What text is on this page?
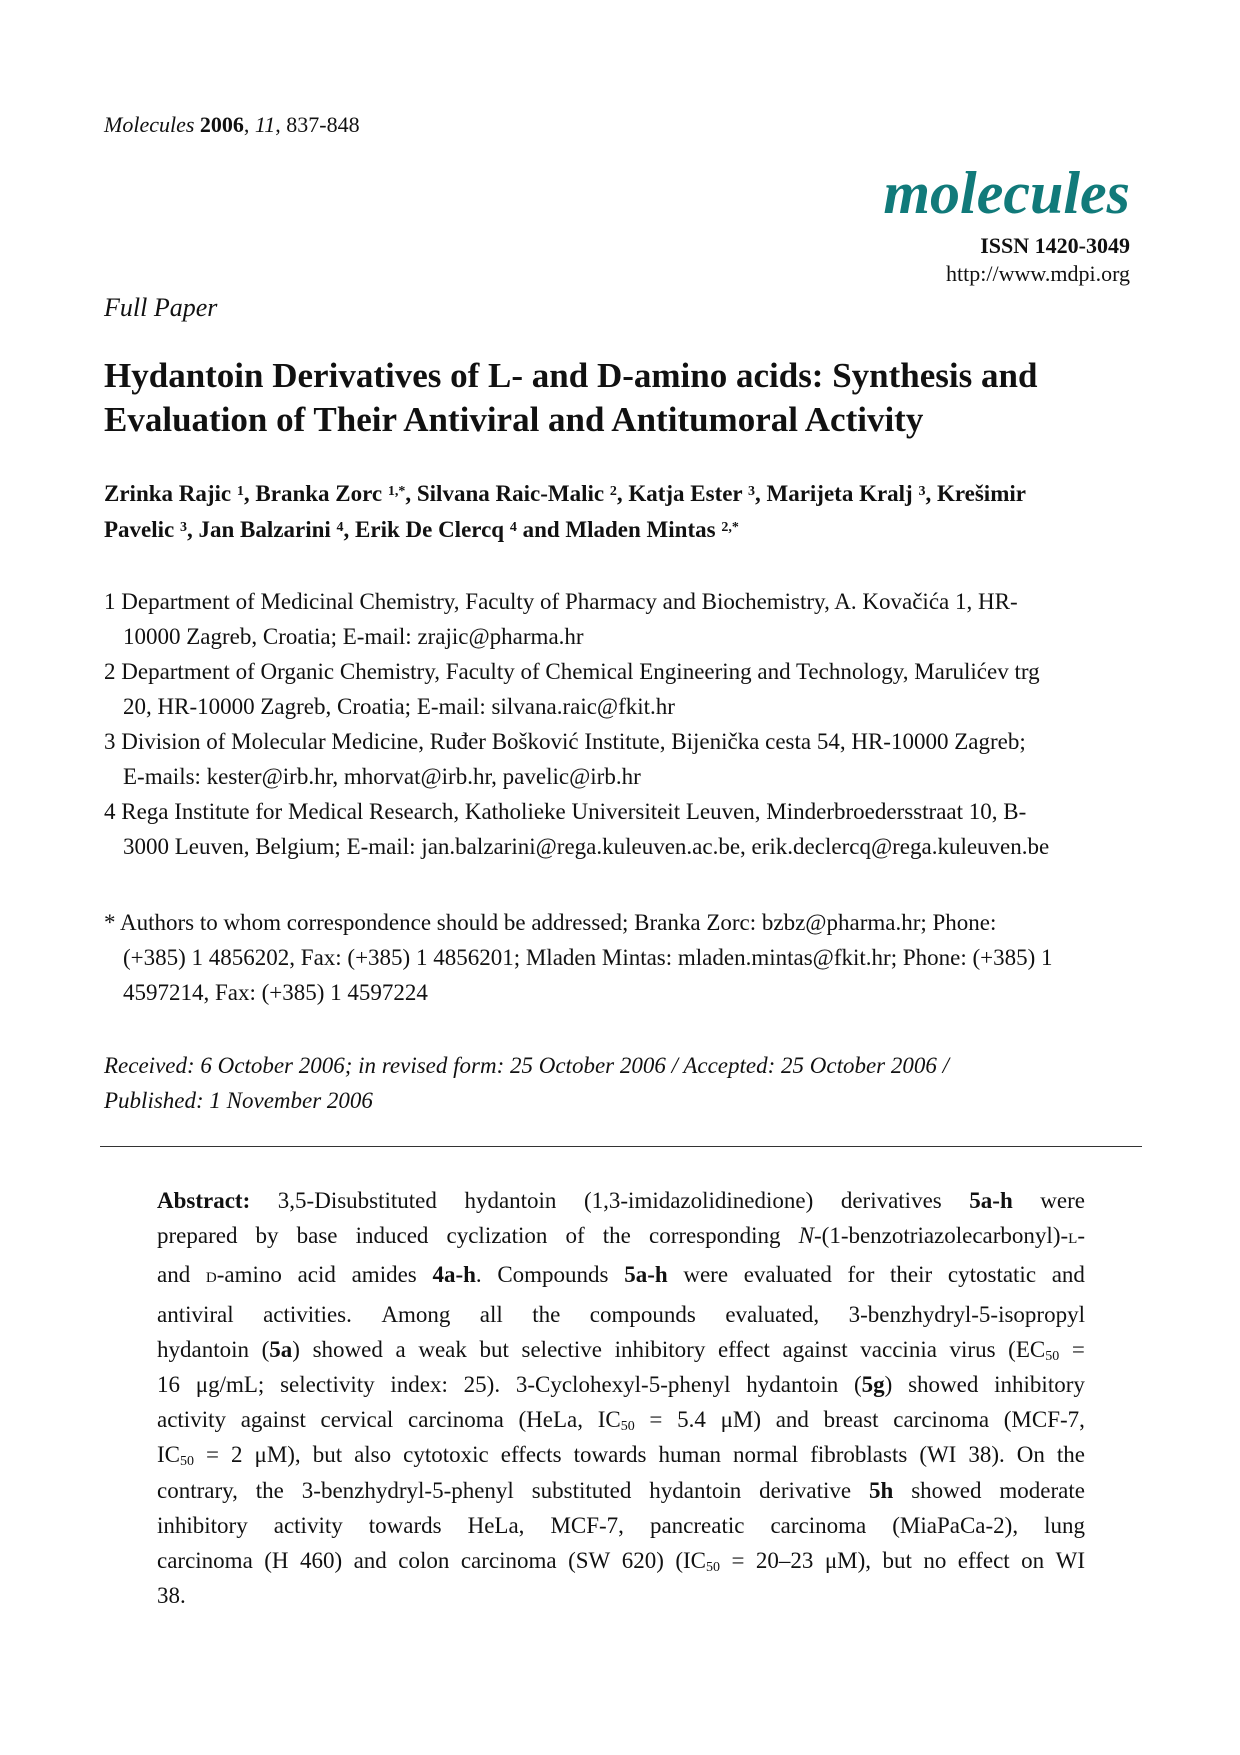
Molecules 2006, 11, 837-848
molecules
ISSN 1420-3049
http://www.mdpi.org
Full Paper
Hydantoin Derivatives of L- and D-amino acids: Synthesis and
Evaluation of Their Antiviral and Antitumoral Activity
Zrinka Rajic $^1$, Branka Zorc $^{1,*}$, Silvana Raic-Malic $^2$, Katja Ester $^3$, Marijeta Kralj $^3$, Krešimir
Pavelic $^3$, Jan Balzarini $^4$, Erik De Clercq $^4$ and Mladen Mintas $^{2,*}$
1 Department of Medicinal Chemistry, Faculty of Pharmacy and Biochemistry, A. Kovačića 1, HR-
10000 Zagreb, Croatia; E-mail: zrajic@pharma.hr
2 Department of Organic Chemistry, Faculty of Chemical Engineering and Technology, Marulićev trg
20, HR-10000 Zagreb, Croatia; E-mail: silvana.raic@fkit.hr
3 Division of Molecular Medicine, Ruđer Bošković Institute, Bijenička cesta 54, HR-10000 Zagreb;
E-mails: kester@irb.hr, mhorvat@irb.hr, pavelic@irb.hr
4 Rega Institute for Medical Research, Katholieke Universiteit Leuven, Minderbroedersstraat 10, B-
3000 Leuven, Belgium; E-mail: jan.balzarini@rega.kuleuven.ac.be, erik.declercq@rega.kuleuven.be
* Authors to whom correspondence should be addressed; Branka Zorc: bzbz@pharma.hr; Phone:
(+385) 1 4856202, Fax: (+385) 1 4856201; Mladen Mintas: mladen.mintas@fkit.hr; Phone: (+385) 1
4597214, Fax: (+385) 1 4597224
Received: 6 October 2006; in revised form: 25 October 2006 / Accepted: 25 October 2006 /
Published: 1 November 2006
Abstract: 3,5-Disubstituted hydantoin (1,3-imidazolidinedione) derivatives 5a-h were
prepared by base induced cyclization of the corresponding N-(1-benzotriazolecarbonyl)-L-
and D-amino acid amides 4a-h. Compounds 5a-h were evaluated for their cytostatic and
antiviral activities. Among all the compounds evaluated, 3-benzhydryl-5-isopropyl
hydantoin (5a) showed a weak but selective inhibitory effect against vaccinia virus ($EC_{50}$ =
16 μg/mL; selectivity index: 25). 3-Cyclohexyl-5-phenyl hydantoin (5g) showed inhibitory
activity against cervical carcinoma (HeLa, $IC_{50} = 5.4$ μM) and breast carcinoma (MCF-7,
$IC_{50} = 2$ μM), but also cytotoxic effects towards human normal fibroblasts (WI 38). On the
contrary, the 3-benzhydryl-5-phenyl substituted hydantoin derivative 5h showed moderate
inhibitory activity towards HeLa, MCF-7, pancreatic carcinoma (MiaPaCa-2), lung
carcinoma (H 460) and colon carcinoma (SW 620) ($IC_{50} = 20-23$ μM), but no effect on WI
38.
